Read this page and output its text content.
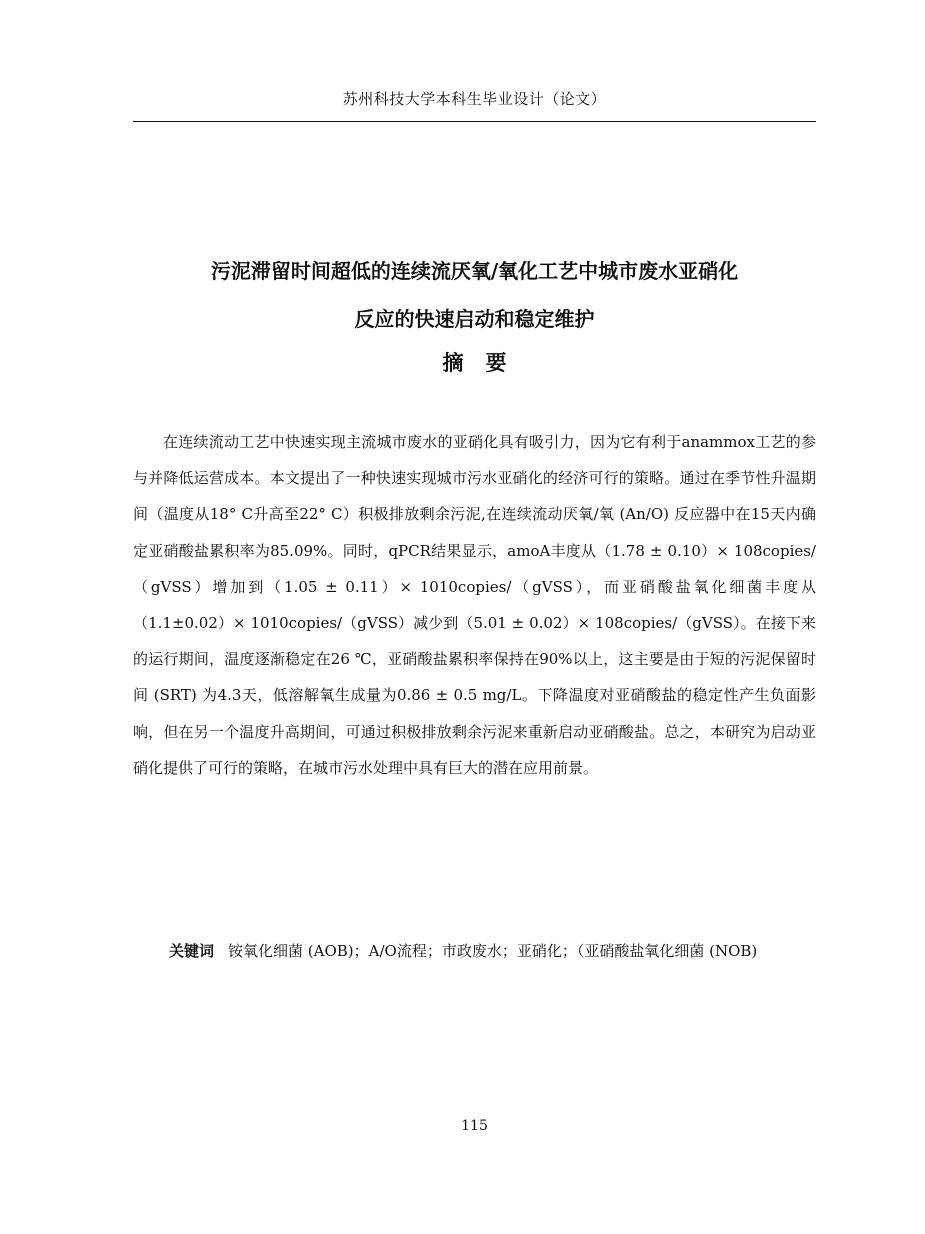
苏州科技大学本科生毕业设计（论文）
污泥滞留时间超低的连续流厌氧/氧化工艺中城市废水亚硝化
反应的快速启动和稳定维护
摘要

在连续流动工艺中快速实现主流城市废水的亚硝化具有吸引力，因为它有利于anammox工艺的参与并降低运营成本。本文提出了一种快速实现城市污水亚硝化的经济可行的策略。通过在季节性升温期间（温度从18° C升高至22° C）积极排放剩余污泥,在连续流动厌氧/氧 (An/O) 反应器中在15天内确定亚硝酸盐累积率为85.09%。同时，qPCR结果显示，amoA丰度从（1.78 ± 0.10）× 108copies/（gVSS）增加到（1.05 ± 0.11）× 1010copies/（gVSS），而亚硝酸盐氧化细菌丰度从（1.1±0.02）× 1010copies/（gVSS）减少到（5.01 ± 0.02）× 108copies/（gVSS）。在接下来的运行期间，温度逐渐稳定在26 ℃，亚硝酸盐累积率保持在90%以上，这主要是由于短的污泥保留时间 (SRT) 为4.3天，低溶解氧生成量为0.86 ± 0.5 mg/L。下降温度对亚硝酸盐的稳定性产生负面影响，但在另一个温度升高期间，可通过积极排放剩余污泥来重新启动亚硝酸盐。总之，本研究为启动亚硝化提供了可行的策略，在城市污水处理中具有巨大的潜在应用前景。

关键词 铵氧化细菌 (AOB)；A/O流程；市政废水；亚硝化；（亚硝酸盐氧化细菌 (NOB)

115
